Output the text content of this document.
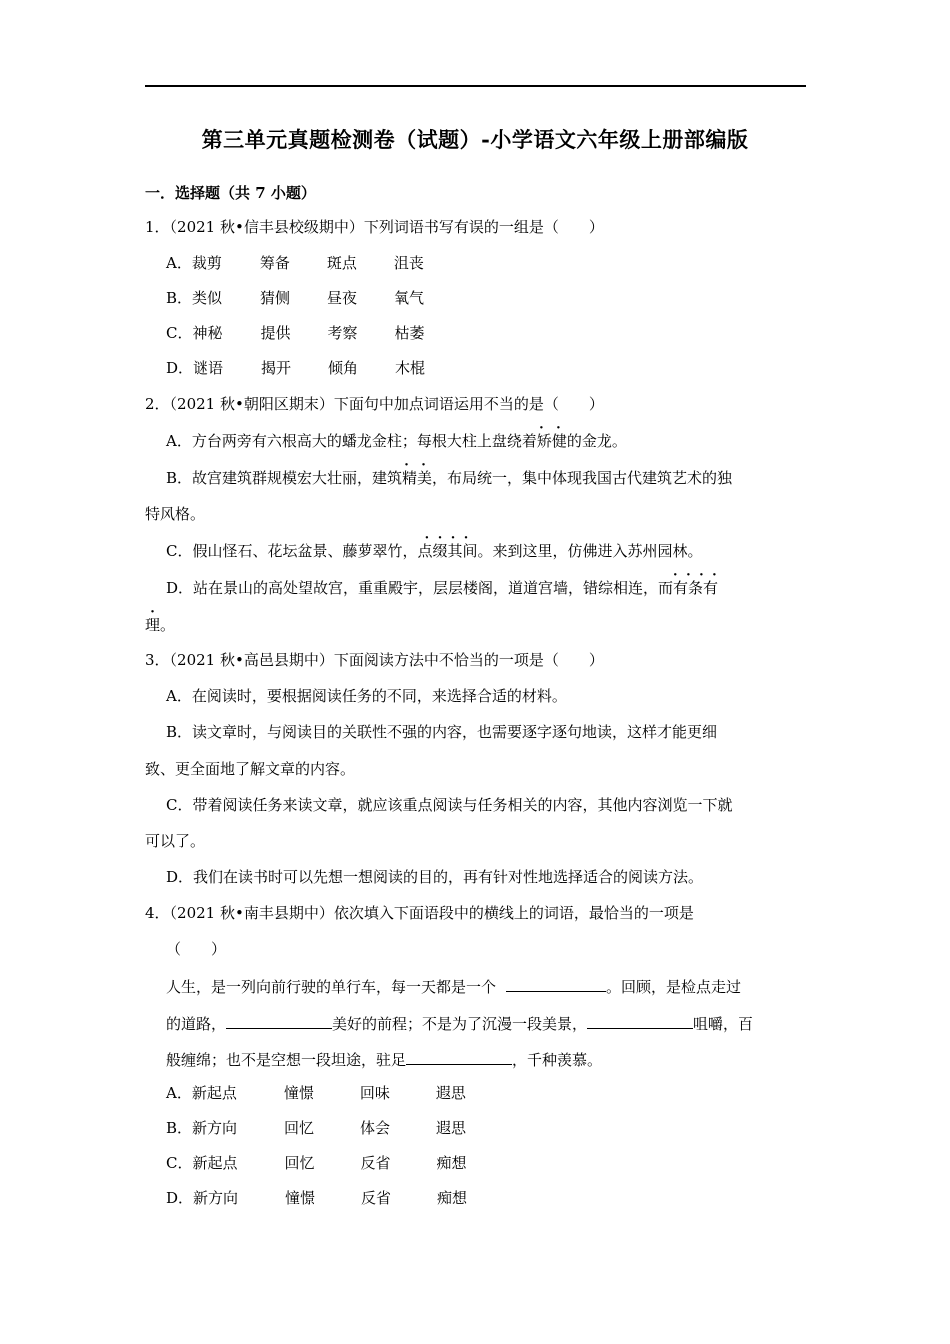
第三单元真题检测卷（试题）-小学语文六年级上册部编版
一．选择题（共 7 小题）
1．（2021 秋•信丰县校级期中）下列词语书写有误的一组是（　　）
A．裁剪	筹备 斑点 沮丧
B．类似	猜侧 昼夜 氧气
C．神秘	提供 考察 枯萎
D．谜语	揭开 倾角 木棍
2．（2021 秋•朝阳区期末）下面句中加点词语运用不当的是（　　）
A．方台两旁有六根高大的蟠龙金柱；每根大柱上盘绕着矫健 · ·的金龙。
B．故宫建筑群规模宏大壮丽，建筑精美 · ·，布局统一，集中体现我国古代建筑艺术的独
特风格。
C．假山怪石、花坛盆景、藤萝翠竹，点缀其间 · · · ·。来到这里，仿佛进入苏州园林。
D．站在景山的高处望故宫，重重殿宇，层层楼阁，道道宫墙，错综相连，而有条有 · · · ·
理。
3．（2021 秋•高邑县期中）下面阅读方法中不恰当的一项是（　　）
A．在阅读时，要根据阅读任务的不同，来选择合适的材料。
B．读文章时，与阅读目的关联性不强的内容，也需要逐字逐句地读，这样才能更细
致、更全面地了解文章的内容。
C．带着阅读任务来读文章，就应该重点阅读与任务相关的内容，其他内容浏览一下就
可以了。
D．我们在读书时可以先想一想阅读的目的，再有针对性地选择适合的阅读方法。
4．（2021 秋•南丰县期中）依次填入下面语段中的横线上的词语，最恰当的一项是
（　　）
人生，是一列向前行驶的单行车，每一天都是一个	。回顾，是检点走过
的道路，	美好的前程；不是为了沉漫一段美景，	咀嚼，百
般缠绵；也不是空想一段坦途，驻足	，千种羡慕。
A．新起点	憧憬	回味	遐思
B．新方向	回忆	体会	遐思
C．新起点	回忆	反省	痴想
D．新方向	憧憬	反省	痴想
